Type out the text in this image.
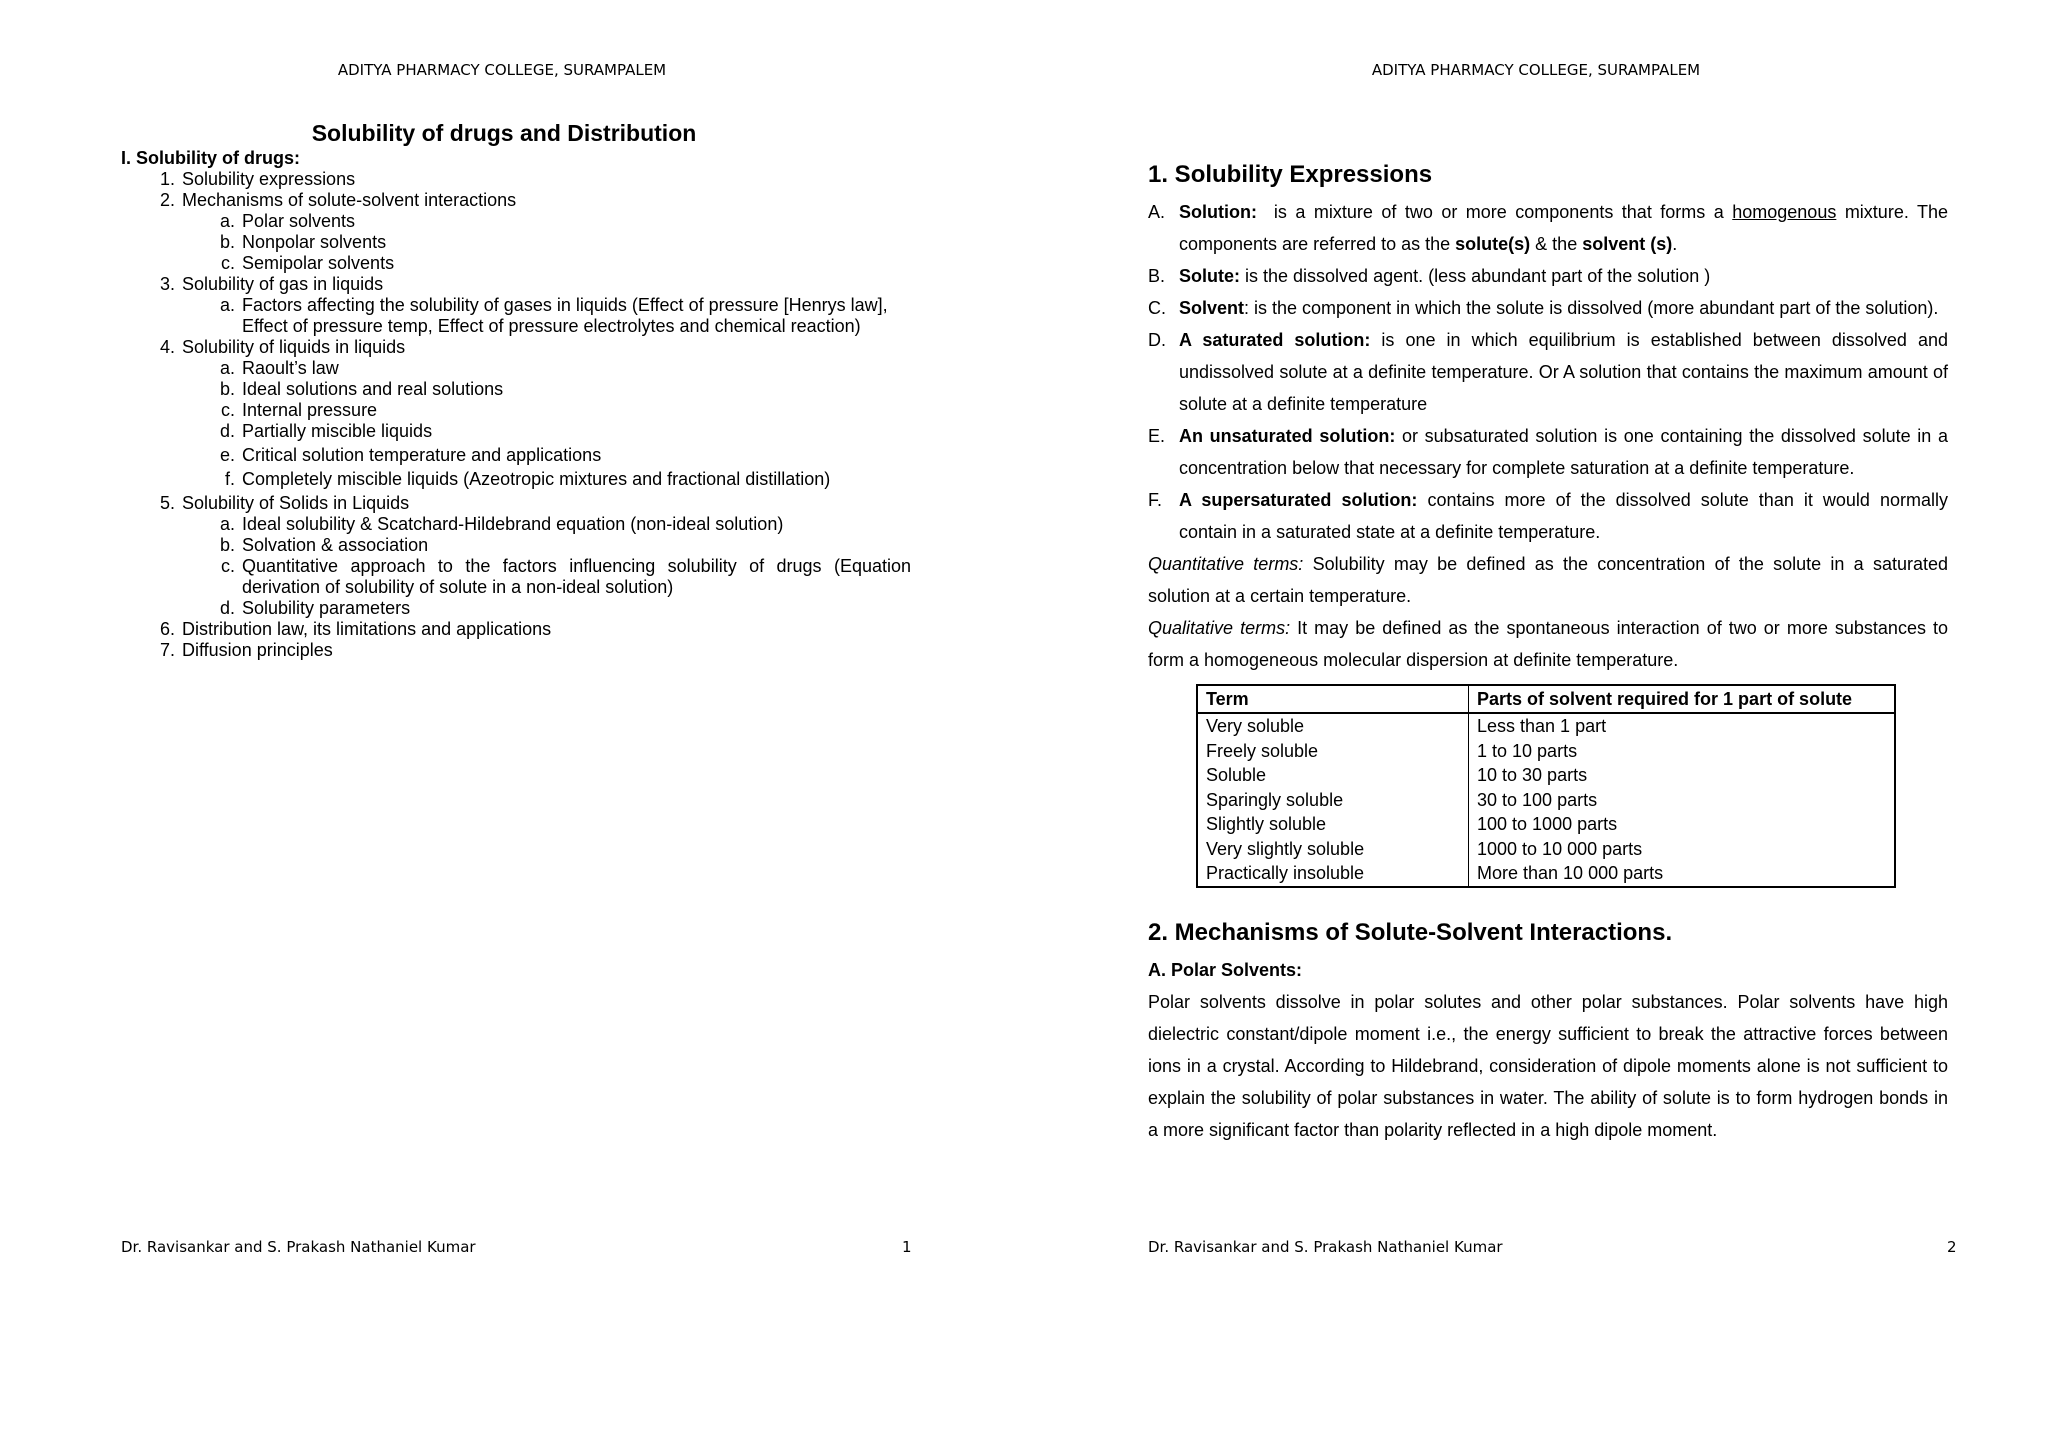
ADITYA PHARMACY COLLEGE, SURAMPALEM
Solubility of drugs and Distribution
I. Solubility of drugs:
1. Solubility expressions
2. Mechanisms of solute-solvent interactions
a. Polar solvents
b. Nonpolar solvents
c. Semipolar solvents
3. Solubility of gas in liquids
a. Factors affecting the solubility of gases in liquids (Effect of pressure [Henrys law], Effect of pressure temp, Effect of pressure electrolytes and chemical reaction)
4. Solubility of liquids in liquids
a. Raoult’s law
b. Ideal solutions and real solutions
c. Internal pressure
d. Partially miscible liquids
e. Critical solution temperature and applications
f. Completely miscible liquids (Azeotropic mixtures and fractional distillation)
5. Solubility of Solids in Liquids
a. Ideal solubility & Scatchard-Hildebrand equation (non-ideal solution)
b. Solvation & association
c. Quantitative approach to the factors influencing solubility of drugs (Equation derivation of solubility of solute in a non-ideal solution)
d. Solubility parameters
6. Distribution law, its limitations and applications
7. Diffusion principles
Dr. Ravisankar and S. Prakash Nathaniel Kumar	1
ADITYA PHARMACY COLLEGE, SURAMPALEM
1. Solubility Expressions
A. Solution:  is a mixture of two or more components that forms a homogenous mixture. The components are referred to as the solute(s) & the solvent (s).
B. Solute: is the dissolved agent. (less abundant part of the solution )
C. Solvent: is the component in which the solute is dissolved (more abundant part of the solution).
D. A saturated solution: is one in which equilibrium is established between dissolved and undissolved solute at a definite temperature. Or A solution that contains the maximum amount of solute at a definite temperature
E. An unsaturated solution: or subsaturated solution is one containing the dissolved solute in a concentration below that necessary for complete saturation at a definite temperature.
F. A supersaturated solution: contains more of the dissolved solute than it would normally contain in a saturated state at a definite temperature.
Quantitative terms: Solubility may be defined as the concentration of the solute in a saturated solution at a certain temperature.
Qualitative terms: It may be defined as the spontaneous interaction of two or more substances to form a homogeneous molecular dispersion at definite temperature.
Term	Parts of solvent required for 1 part of solute
Very soluble	Less than 1 part
Freely soluble	1 to 10 parts
Soluble	10 to 30 parts
Sparingly soluble	30 to 100 parts
Slightly soluble	100 to 1000 parts
Very slightly soluble	1000 to 10 000 parts
Practically insoluble	More than 10 000 parts
2. Mechanisms of Solute-Solvent Interactions.
A. Polar Solvents:
Polar solvents dissolve in polar solutes and other polar substances. Polar solvents have high dielectric constant/dipole moment i.e., the energy sufficient to break the attractive forces between ions in a crystal. According to Hildebrand, consideration of dipole moments alone is not sufficient to explain the solubility of polar substances in water. The ability of solute is to form hydrogen bonds in a more significant factor than polarity reflected in a high dipole moment.
Dr. Ravisankar and S. Prakash Nathaniel Kumar	2
